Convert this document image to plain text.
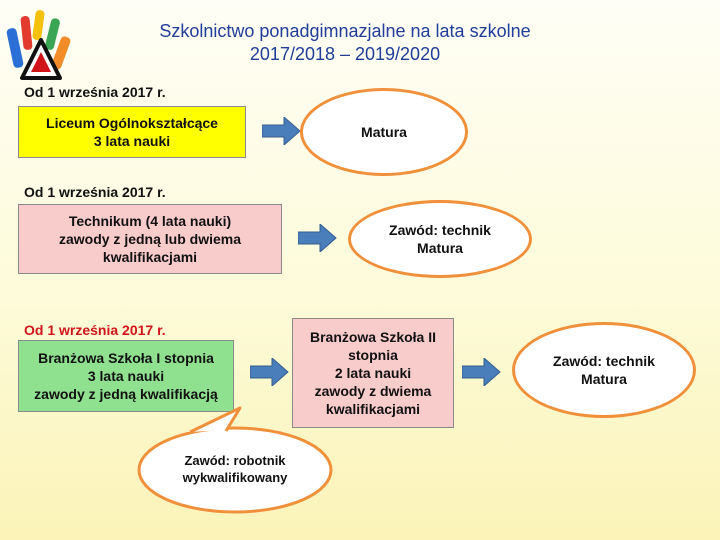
Szkolnictwo ponadgimnazjalne na lata szkolne
2017/2018 – 2019/2020
Od 1 września 2017 r.
Liceum Ogólnokształcące
3 lata nauki
Matura
Od 1 września 2017 r.
Technikum (4 lata nauki)
zawody z jedną lub dwiema
kwalifikacjami
Zawód: technik
Matura
Od 1 września 2017 r.
Branżowa Szkoła I stopnia
3 lata nauki
zawody z jedną kwalifikacją
Branżowa Szkoła II
stopnia
2 lata nauki
zawody z dwiema
kwalifikacjami
Zawód: technik
Matura
Zawód: robotnik
wykwalifikowany
